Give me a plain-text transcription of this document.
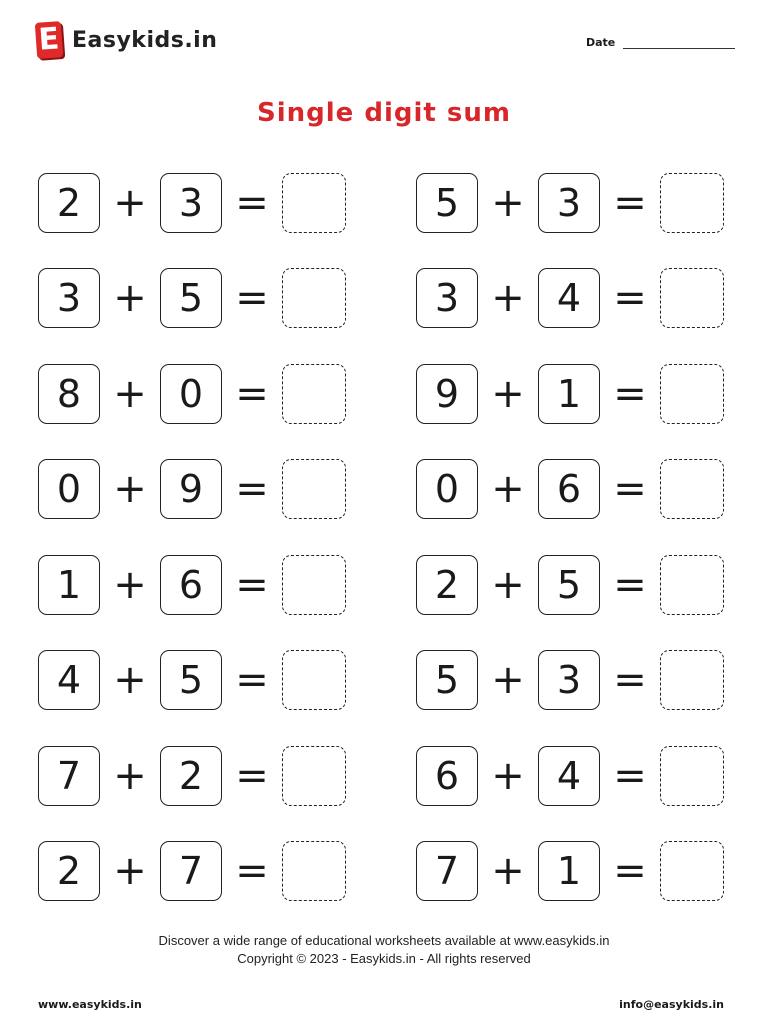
E Easykids.in	Date
Single digit sum
2 + 3 =	5 + 3 =
3 + 5 =	3 + 4 =
8 + 0 =	9 + 1 =
0 + 9 =	0 + 6 =
1 + 6 =	2 + 5 =
4 + 5 =	5 + 3 =
7 + 2 =	6 + 4 =
2 + 7 =	7 + 1 =
Discover a wide range of educational worksheets available at www.easykids.in
Copyright © 2023 - Easykids.in - All rights reserved
www.easykids.in	info@easykids.in
